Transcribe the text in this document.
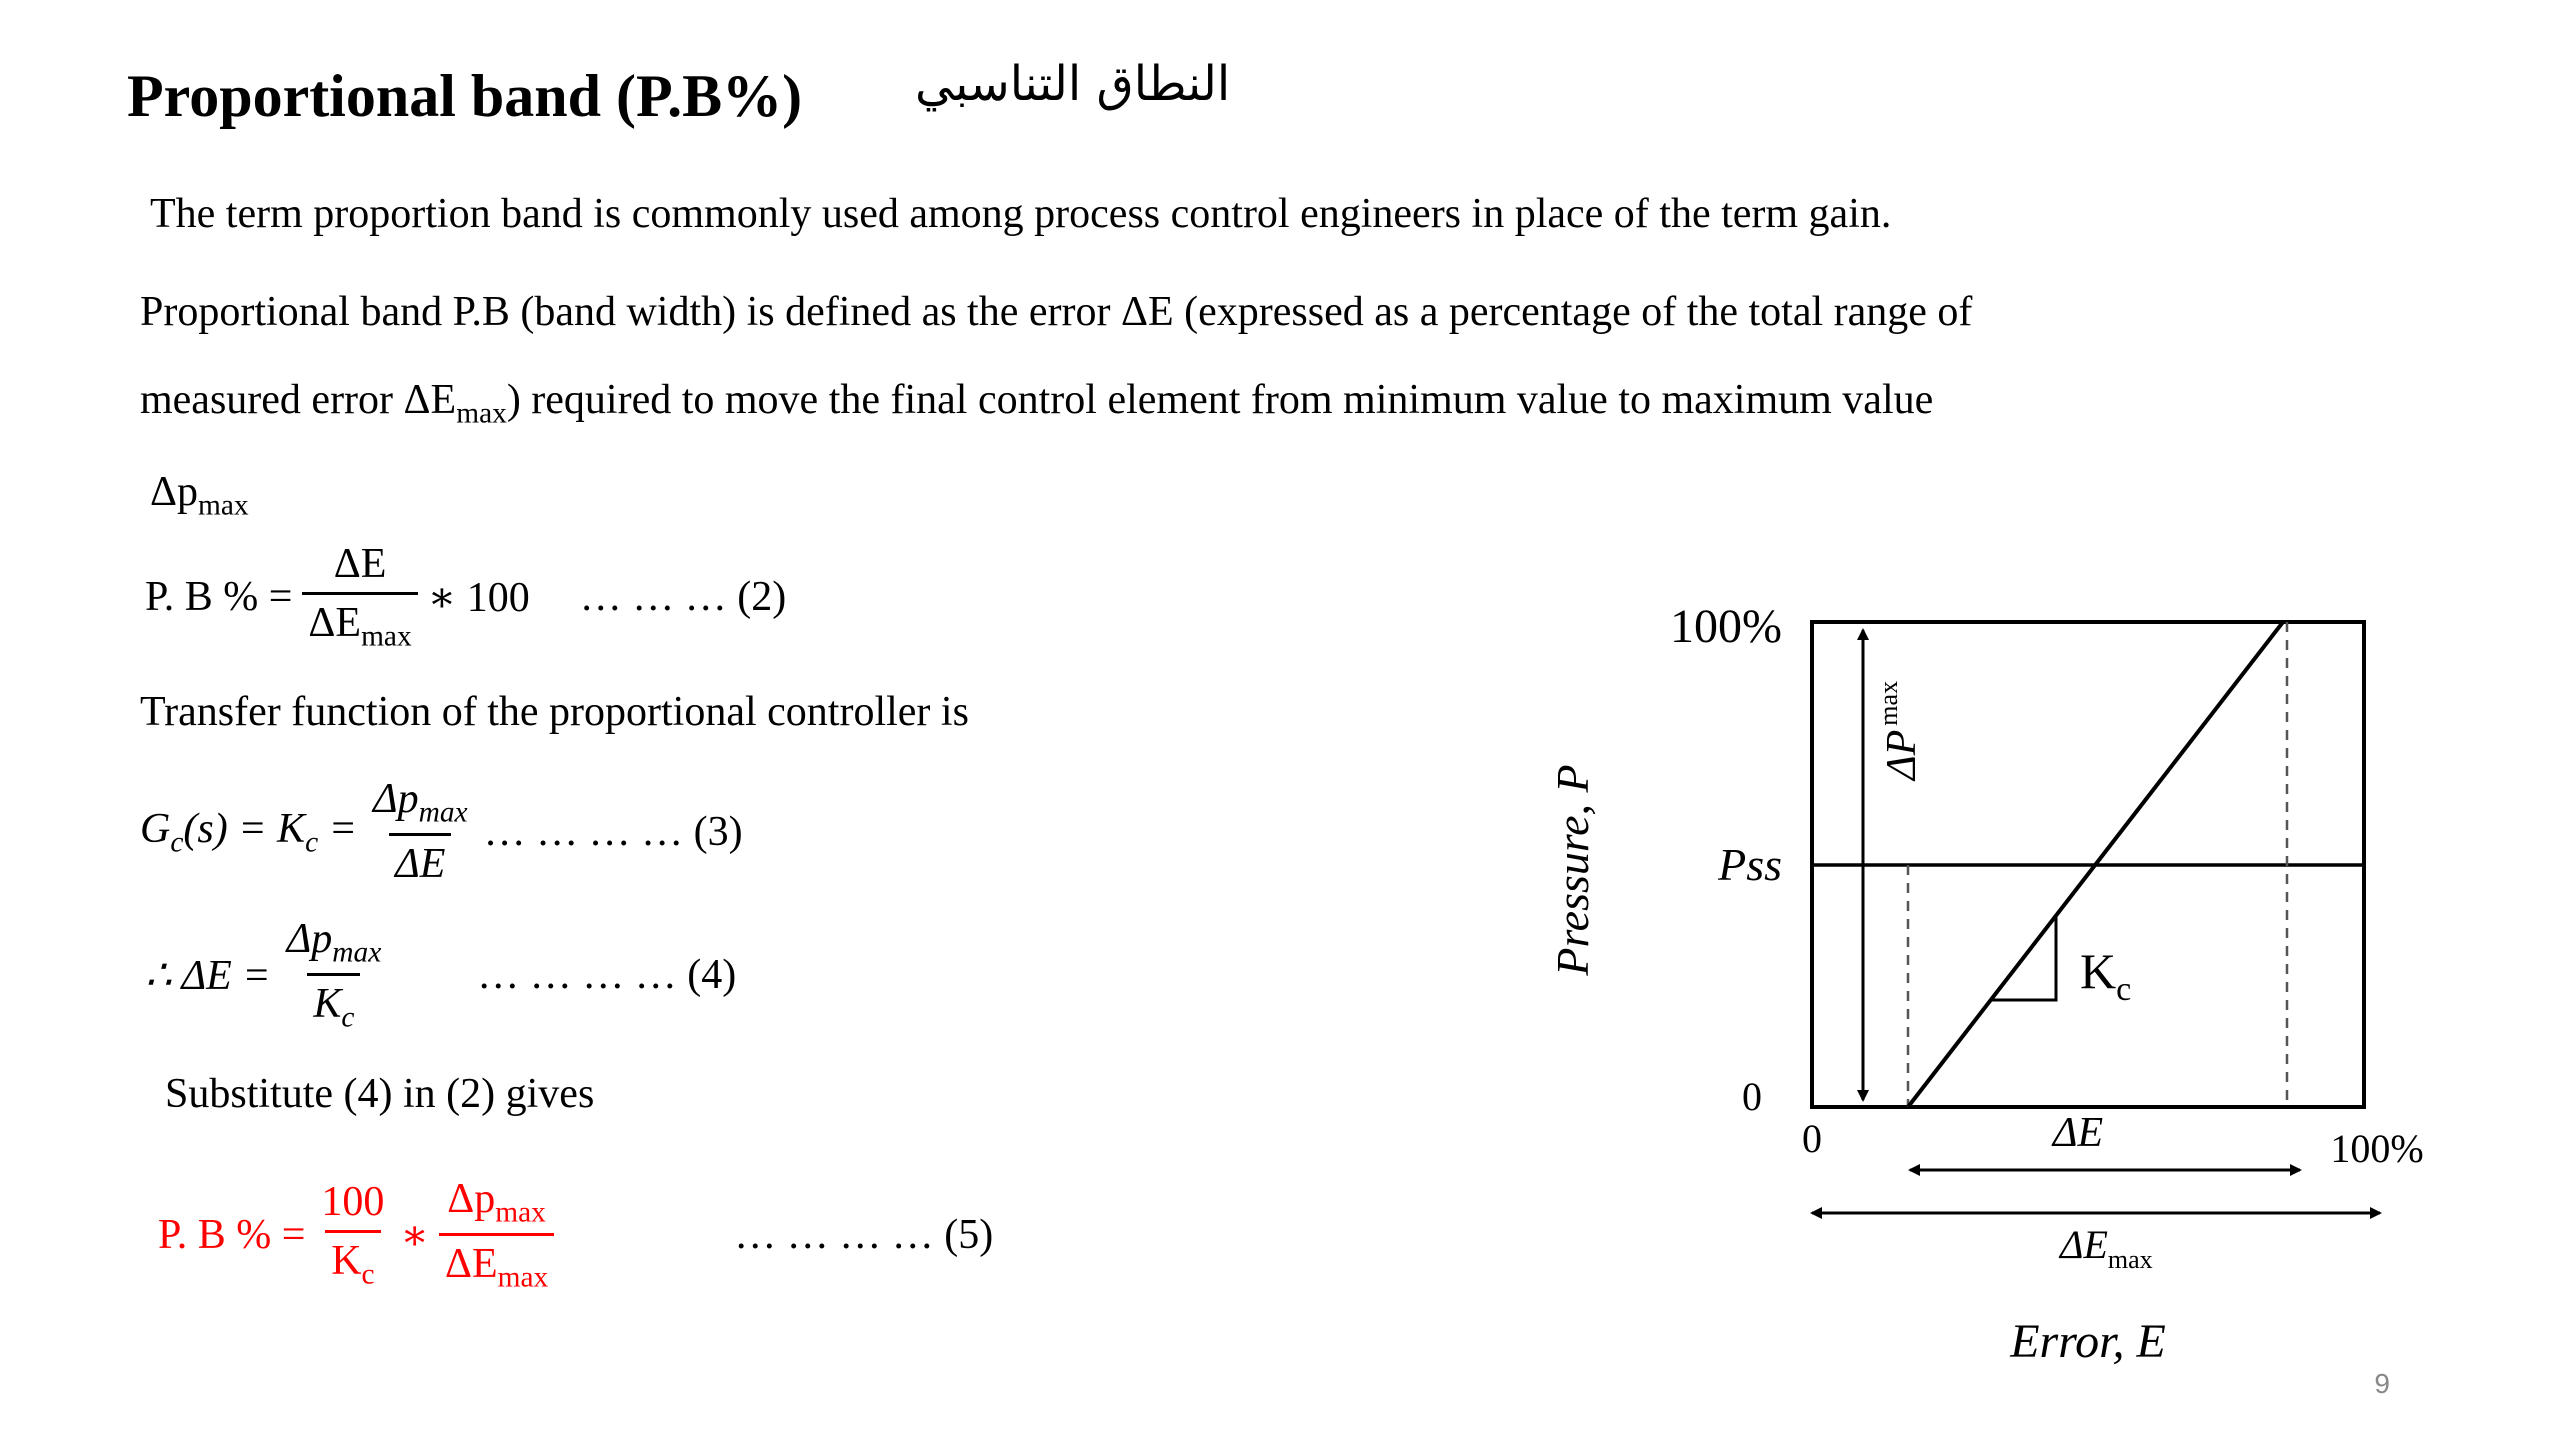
Proportional band (P.B%) النطاق التناسبي
The term proportion band is commonly used among process control engineers in place of the term gain.
Proportional band P.B (band width) is defined as the error ΔE (expressed as a percentage of the total range of
measured error $\Delta E_{max}$) required to move the final control element from minimum value to maximum value
$\Delta p_{max}$
P. B % = $\frac{\Delta E}{\Delta E_{max}}$ ∗ 100 … … … (2)
Transfer function of the proportional controller is
$G_c(s) = K_c = \frac{\Delta p_{max}}{\Delta E}$ … … … … (3)
∴ $\Delta E = \frac{\Delta p_{max}}{K_c}$ … … … … (4)
Substitute (4) in (2) gives
P. B % = $\frac{100}{K_c}$ ∗ $\frac{\Delta p_{max}}{\Delta E_{max}}$	… … … … (5)
100%
Pss
0
0	100%
Error, E
Pressure, P
$\Delta P^{max}$
$K_c$
ΔE
$\Delta E_{max}$
9
